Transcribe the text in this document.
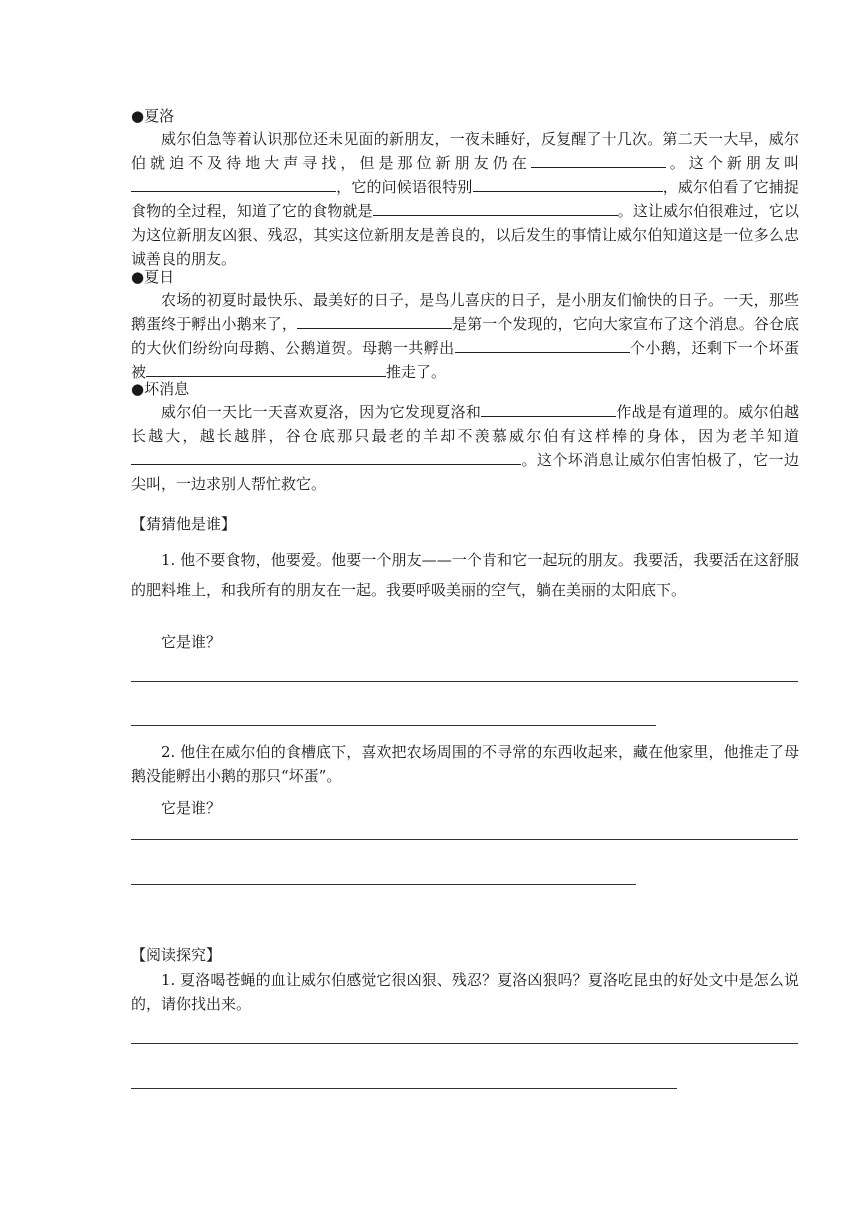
●夏洛

威尔伯急等着认识那位还未见面的新朋友，一夜未睡好，反复醒了十几次。第二天一大早，威尔伯就迫不及待地大声寻找，但是那位新朋友仍在	。这个新朋友叫，它的问候语很特别	，威尔伯看了它捕捉食物的全过程，知道了它的食物就是	。这让威尔伯很难过，它以为这位新朋友凶狠、残忍，其实这位新朋友是善良的，以后发生的事情让威尔伯知道这是一位多么忠诚善良的朋友。

●夏日

农场的初夏时最快乐、最美好的日子，是鸟儿喜庆的日子，是小朋友们愉快的日子。一天，那些鹅蛋终于孵出小鹅来了，	是第一个发现的，它向大家宣布了这个消息。谷仓底的大伙们纷纷向母鹅、公鹅道贺。母鹅一共孵出	个小鹅，还剩下一个坏蛋被	推走了。

●坏消息

威尔伯一天比一天喜欢夏洛，因为它发现夏洛和	作战是有道理的。威尔伯越长越大，越长越胖，谷仓底那只最老的羊却不羡慕威尔伯有这样棒的身体，因为老羊知道。这个坏消息让威尔伯害怕极了，它一边尖叫，一边求别人帮忙救它。

【猜猜他是谁】

1. 他不要食物，他要爱。他要一个朋友——一个肯和它一起玩的朋友。我要活，我要活在这舒服的肥料堆上，和我所有的朋友在一起。我要呼吸美丽的空气，躺在美丽的太阳底下。

它是谁？

2. 他住在威尔伯的食槽底下，喜欢把农场周围的不寻常的东西收起来，藏在他家里，他推走了母鹅没能孵出小鹅的那只“坏蛋”。

它是谁？
【阅读探究】

1. 夏洛喝苍蝇的血让威尔伯感觉它很凶狠、残忍？夏洛凶狠吗？夏洛吃昆虫的好处文中是怎么说的，请你找出来。
